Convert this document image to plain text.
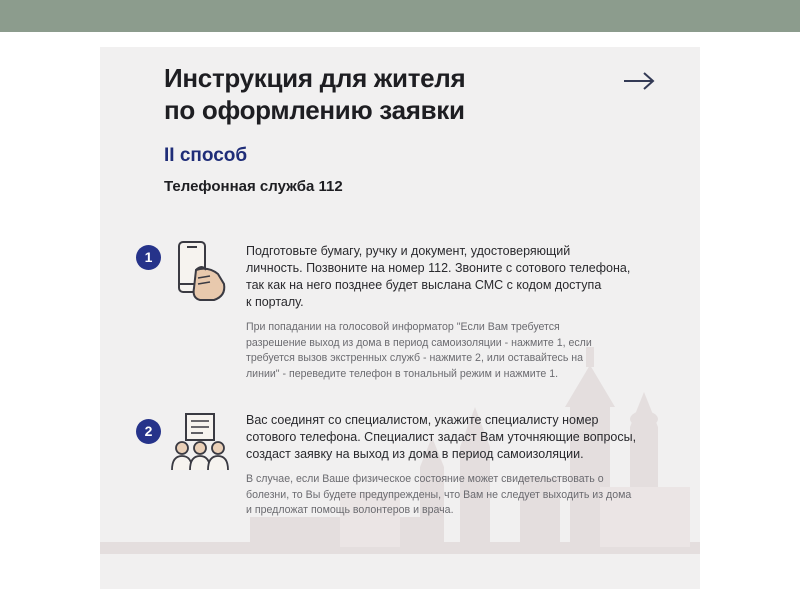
Инструкция для жителя
по оформлению заявки
II способ
Телефонная служба 112
1	Подготовьте бумагу, ручку и документ, удостоверяющий
личность. Позвоните на номер 112. Звоните с сотового телефона,
так как на него позднее будет выслана СМС с кодом доступа
к порталу.
При попадании на голосовой информатор "Если Вам требуется
разрешение выход из дома в период самоизоляции - нажмите 1, если
требуется вызов экстренных служб - нажмите 2, или оставайтесь на
линии" - переведите телефон в тональный режим и нажмите 1.
2
Вас соединят со специалистом, укажите специалисту номер
сотового телефона. Специалист задаст Вам уточняющие вопросы,
создаст заявку на выход из дома в период самоизоляции.
В случае, если Ваше физическое состояние может свидетельствовать о
болезни, то Вы будете предупреждены, что Вам не следует выходить из дома
и предложат помощь волонтеров и врача.
